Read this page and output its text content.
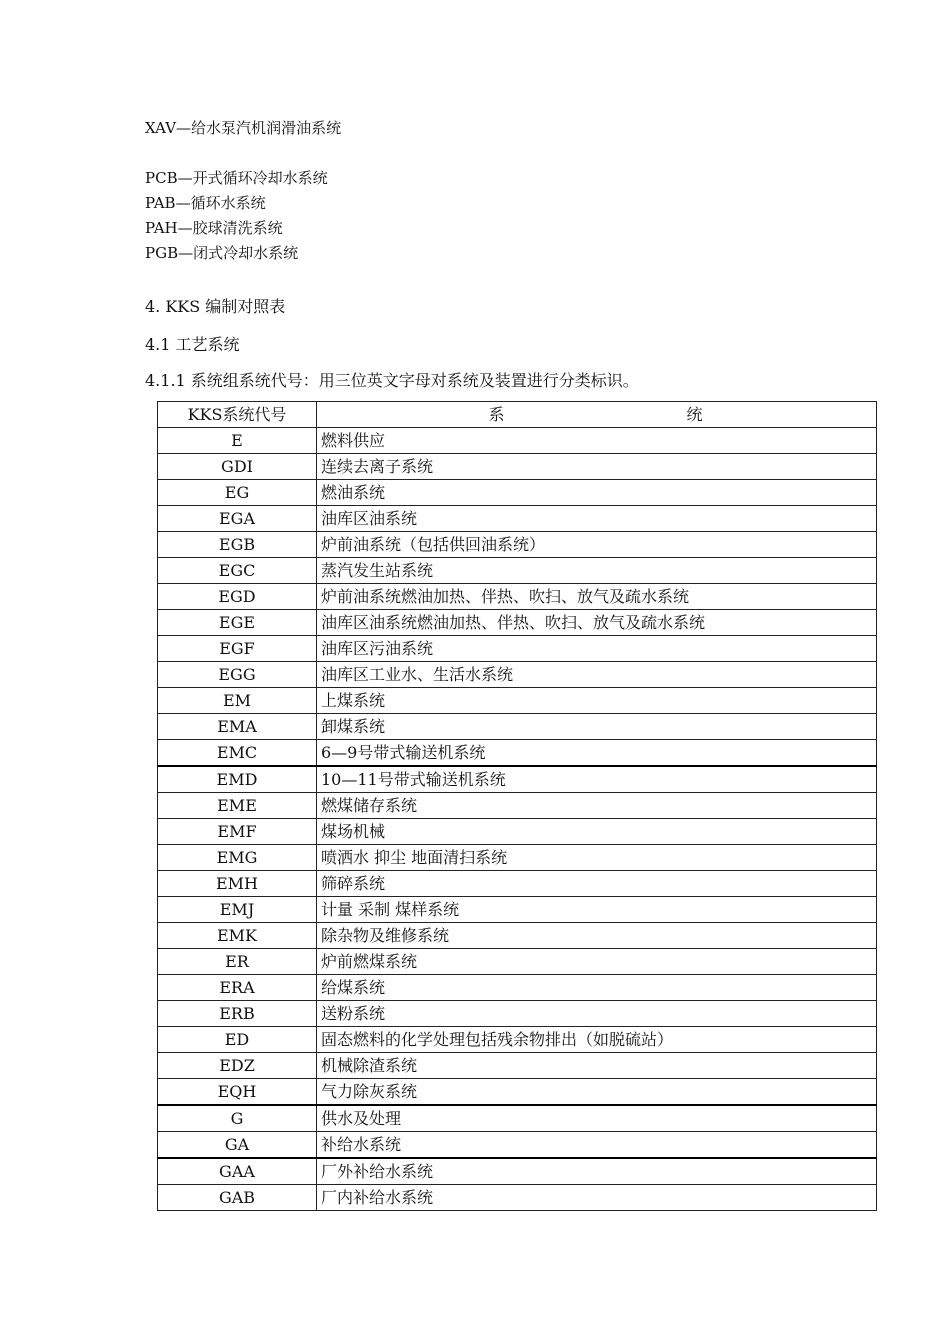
XAV—给水泵汽机润滑油系统
PCB—开式循环冷却水系统
PAB—循环水系统
PAH—胶球清洗系统
PGB—闭式冷却水系统
4. KKS 编制对照表
4.1 工艺系统
4.1.1 系统组系统代号：用三位英文字母对系统及装置进行分类标识。
KKS系统代号	系 统
E	燃料供应
GDI	连续去离子系统
EG	燃油系统
EGA	油库区油系统
EGB	炉前油系统（包括供回油系统）
EGC	蒸汽发生站系统
EGD	炉前油系统燃油加热、伴热、吹扫、放气及疏水系统
EGE	油库区油系统燃油加热、伴热、吹扫、放气及疏水系统
EGF	油库区污油系统
EGG	油库区工业水、生活水系统
EM	上煤系统
EMA	卸煤系统
EMC	6—9号带式输送机系统
EMD	10—11号带式输送机系统
EME	燃煤储存系统
EMF	煤场机械
EMG	喷洒水 抑尘 地面清扫系统
EMH	筛碎系统
EMJ	计量 采制 煤样系统
EMK	除杂物及维修系统
ER	炉前燃煤系统
ERA	给煤系统
ERB	送粉系统
ED	固态燃料的化学处理包括残余物排出（如脱硫站）
EDZ	机械除渣系统
EQH	气力除灰系统
G	供水及处理
GA	补给水系统
GAA	厂外补给水系统
GAB	厂内补给水系统
